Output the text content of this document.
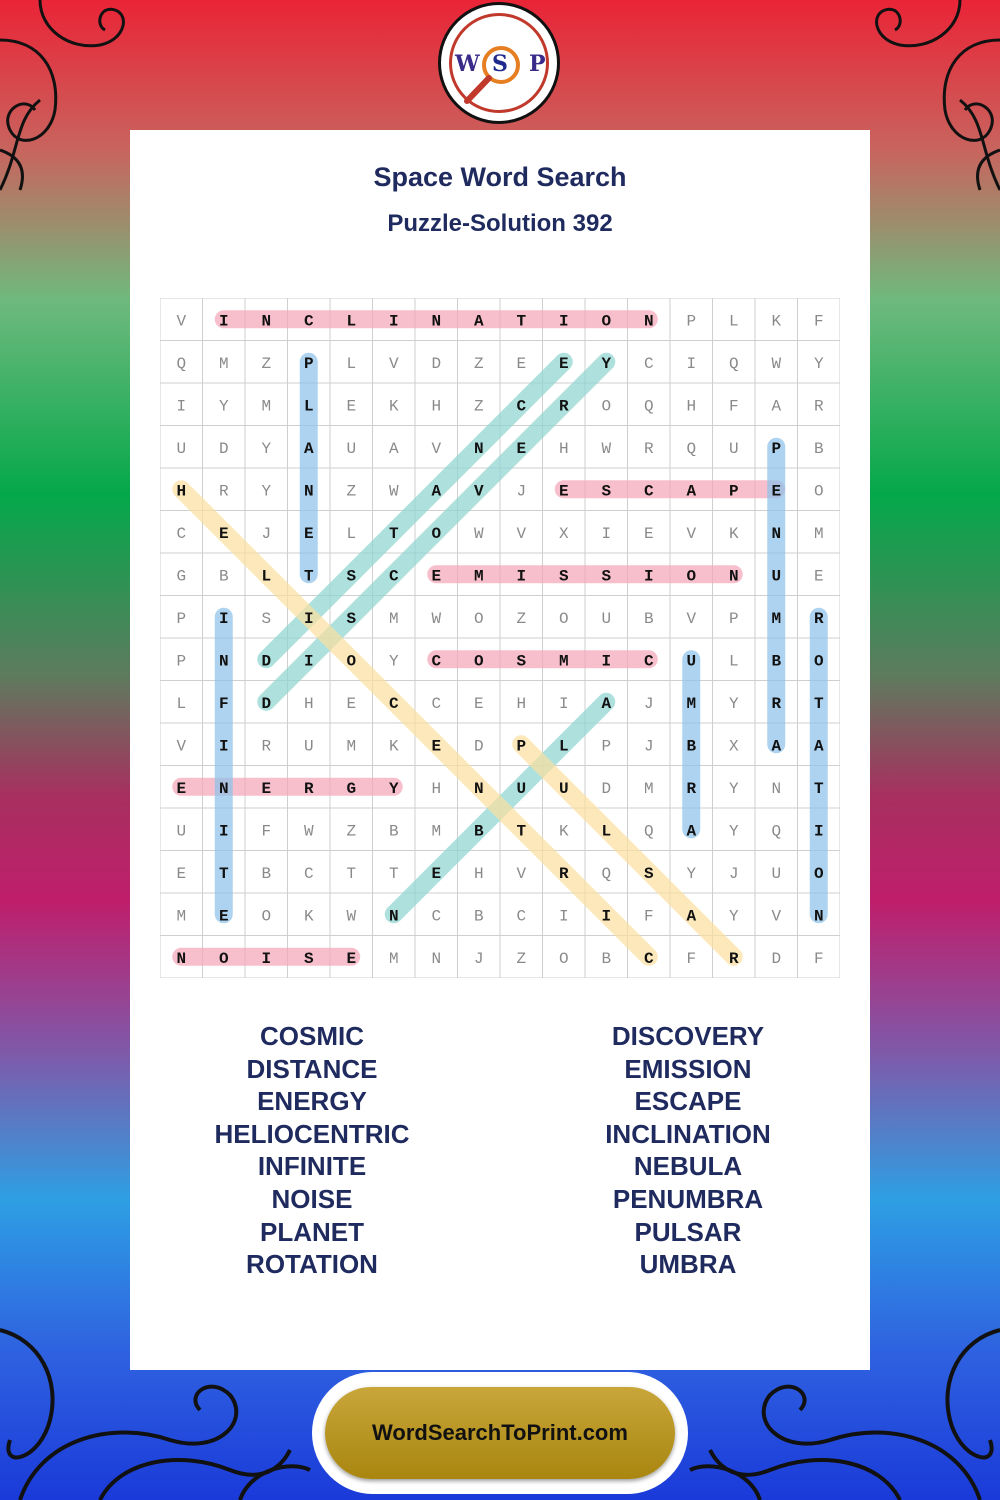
W S P
Space Word Search
Puzzle-Solution 392
V I N C L I N A T I O N P L K F
Q M Z P L V D Z E E Y C I Q W Y
I Y M L E K H Z C R O Q H F A R
U D Y A U A V N E H W R Q U P B
H R Y N Z W A V J E S C A P E O
C E J E L T O W V X I E V K N M
G B L T S C E M I S S I O N U E
P I S I S M W O Z O U B V P M R
P N D I O Y C O S M I C U L B O
L F D H E C C E H I A J M Y R T
V I R U M K E D P L P J B X A A
E N E R G Y H N U U D M R Y N T
U I F W Z B M B T K L Q A Y Q I
E T B C T T E H V R Q S Y J U O
M E O K W N C B C I I F A Y V N
N O I S E M N J Z O B C F R D F
COSMIC
DISTANCE
ENERGY
HELIOCENTRIC
INFINITE
NOISE
PLANET
ROTATION
DISCOVERY
EMISSION
ESCAPE
INCLINATION
NEBULA
PENUMBRA
PULSAR
UMBRA
WordSearchToPrint.com
